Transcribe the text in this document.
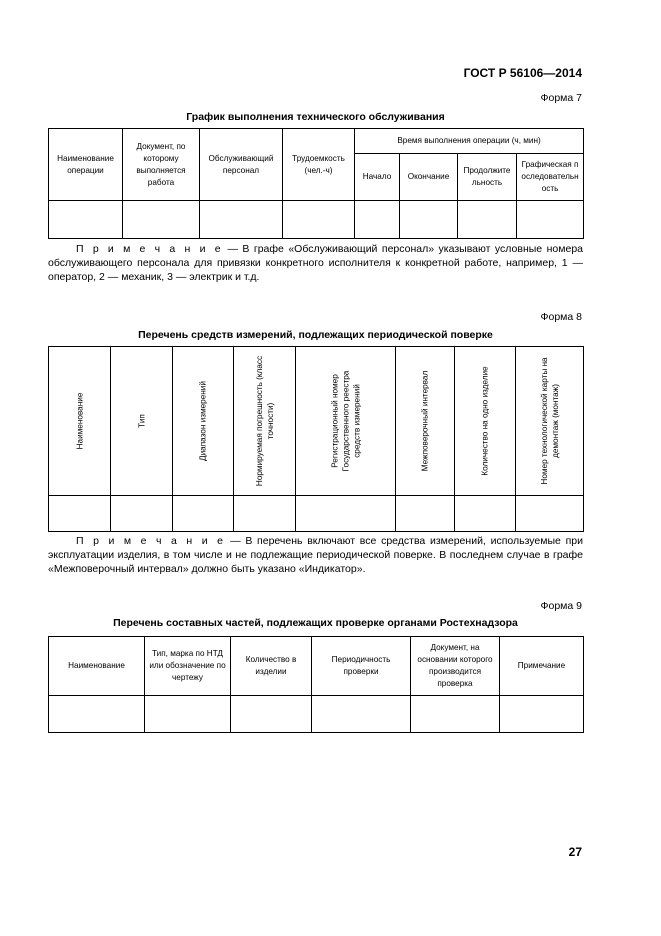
ГОСТ Р 56106—2014
Форма 7
График выполнения технического обслуживания
Наименование операции	Документ, по которому выполняется работа	Обслуживающий персонал	Трудоемкость (чел.-ч)	Время выполнения операции (ч, мин)			
				Начало	Окончание	Продолжительность	Графическая последовательность

П р и м е ч а н и е — В графе «Обслуживающий персонал» указывают условные номера обслуживающего персонала для привязки конкретного исполнителя к конкретной работе, например, 1 — оператор, 2 — механик, 3 — электрик и т.д.
Форма 8
Перечень средств измерений, подлежащих периодической поверке
Наименование	Тип	Диапазон измерений	Нормируемая погрешность (класс точности)	Регистрационный номер Государственного реестра средств измерений	Межповерочный интервал	Количество на одно изделие	Номер технологической карты на демонтаж (монтаж)

П р и м е ч а н и е — В перечень включают все средства измерений, используемые при эксплуатации изделия, в том числе и не подлежащие периодической поверке. В последнем случае в графе «Межповерочный интервал» должно быть указано «Индикатор».
Форма 9
Перечень составных частей, подлежащих проверке органами Ростехнадзора
Наименование	Тип, марка по НТД или обозначение по чертежу	Количество в изделии	Периодичность проверки	Документ, на основании которого производится проверка	Примечание

27
